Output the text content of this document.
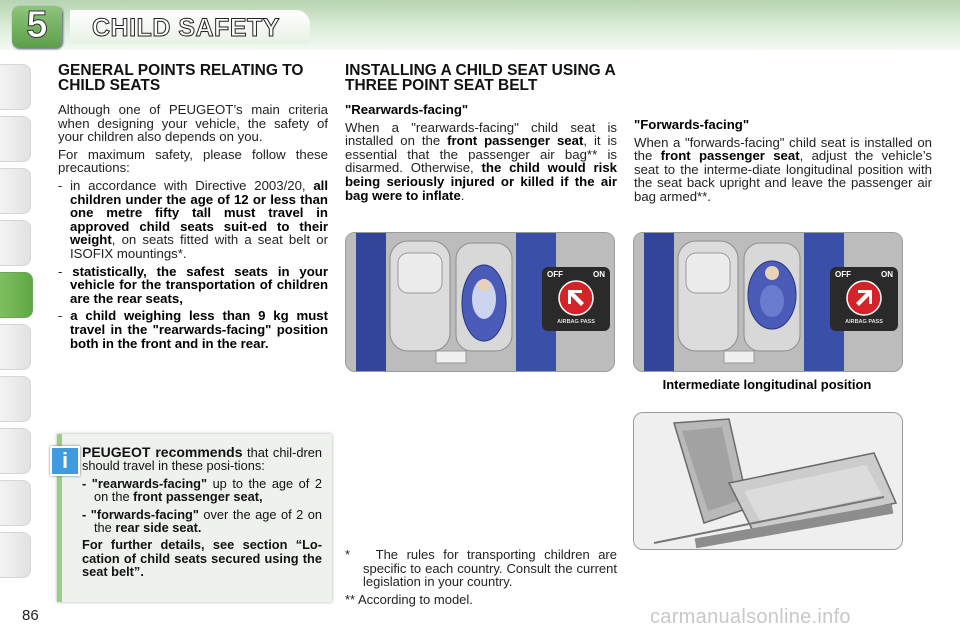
5	CHILD SAFETY
GENERAL POINTS RELATING TO CHILD SEATS

Although one of PEUGEOT’s main criteria when designing your vehicle, the safety of your children also depends on you.

For maximum safety, please follow these precautions:

- in accordance with Directive 2003/20, all children under the age of 12 or less than one metre fifty tall must travel in approved child seats suit-ed to their weight, on seats fitted with a seat belt or ISOFIX mountings*.

- statistically, the safest seats in your vehicle for the transportation of children are the rear seats,

- a child weighing less than 9 kg must travel in the "rearwards-facing" position both in the front and in the rear.

i PEUGEOT recommends that chil-dren should travel in these posi-tions:

- "rearwards-facing" up to the age of 2 on the front passenger seat,

- "forwards-facing" over the age of 2 on the rear side seat.

For further details, see section “Lo-cation of child seats secured using the seat belt”.

INSTALLING A CHILD SEAT USING A THREE POINT SEAT BELT
"Rearwards-facing"

When a "rearwards-facing" child seat is installed on the front passenger seat, it is essential that the passenger air bag** is disarmed. Otherwise, the child would risk being seriously injured or killed if the air bag were to inflate.

"Forwards-facing"

When a "forwards-facing" child seat is installed on the front passenger seat, adjust the vehicle’s seat to the interme-diate longitudinal position with the seat back upright and leave the passenger air bag armed**.

OFF	ON
AIRBAG PASS
OFF	ON
AIRBAG PASS
Intermediate longitudinal position
* The rules for transporting children are specific to each country. Consult the current legislation in your country.
** According to model.
86	carmanualsonline.info
